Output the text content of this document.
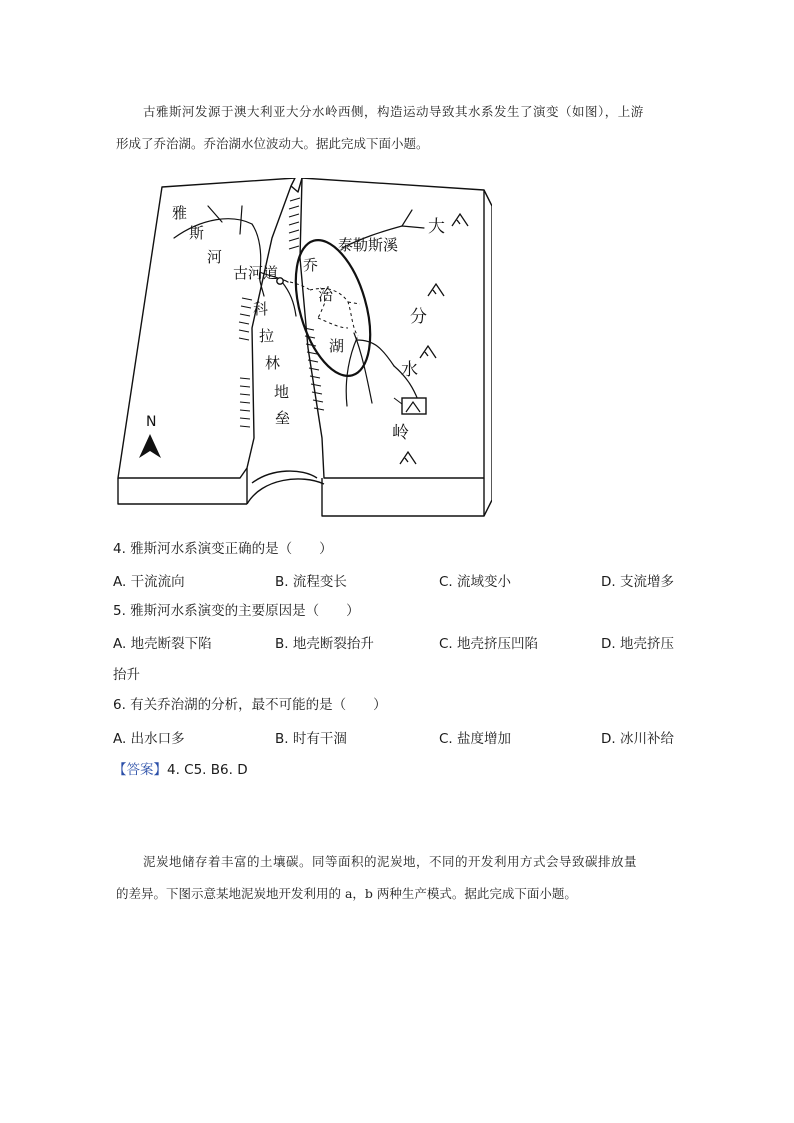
古雅斯河发源于澳大利亚大分水岭西侧，构造运动导致其水系发生了演变（如图），上游
形成了乔治湖。乔治湖水位波动大。据此完成下面小题。
雅
斯
河
古河道
科
拉
林
地
垒
乔
治
湖
泰勒斯溪
N
大
分
水
岭
4. 雅斯河水系演变正确的是（　　）
A. 干流流向	B. 流程变长	C. 流域变小	D. 支流增多
5. 雅斯河水系演变的主要原因是（　　）
A. 地壳断裂下陷	B. 地壳断裂抬升	C. 地壳挤压凹陷	D. 地壳挤压
抬升
6. 有关乔治湖的分析，最不可能的是（　　）
A. 出水口多	B. 时有干涸	C. 盐度增加	D. 冰川补给
【答案】4. C5. B6. D
泥炭地储存着丰富的土壤碳。同等面积的泥炭地，不同的开发利用方式会导致碳排放量
的差异。下图示意某地泥炭地开发利用的 a，b 两种生产模式。据此完成下面小题。
